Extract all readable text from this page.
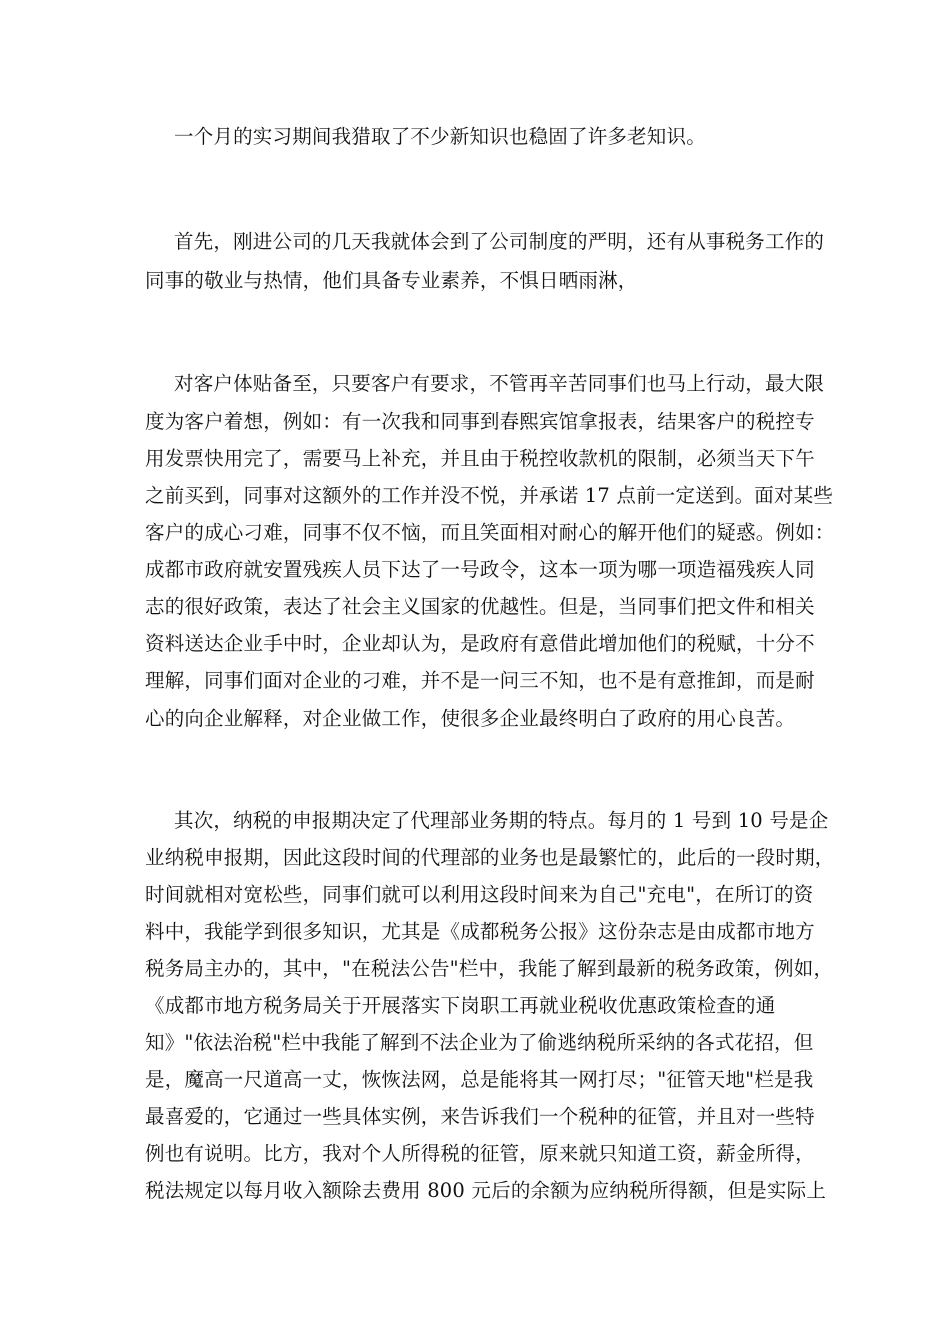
一个月的实习期间我猎取了不少新知识也稳固了许多老知识。
首先，刚进公司的几天我就体会到了公司制度的严明，还有从事税务工作的
同事的敬业与热情，他们具备专业素养，不惧日晒雨淋，
对客户体贴备至，只要客户有要求，不管再辛苦同事们也马上行动，最大限
度为客户着想，例如：有一次我和同事到春熙宾馆拿报表，结果客户的税控专
用发票快用完了，需要马上补充，并且由于税控收款机的限制，必须当天下午
之前买到，同事对这额外的工作并没不悦，并承诺 17 点前一定送到。面对某些
客户的成心刁难，同事不仅不恼，而且笑面相对耐心的解开他们的疑惑。例如：
成都市政府就安置残疾人员下达了一号政令，这本一项为哪一项造福残疾人同
志的很好政策，表达了社会主义国家的优越性。但是，当同事们把文件和相关
资料送达企业手中时，企业却认为，是政府有意借此增加他们的税赋，十分不
理解，同事们面对企业的刁难，并不是一问三不知，也不是有意推卸，而是耐
心的向企业解释，对企业做工作，使很多企业最终明白了政府的用心良苦。
其次，纳税的申报期决定了代理部业务期的特点。每月的 1 号到 10 号是企
业纳税申报期，因此这段时间的代理部的业务也是最繁忙的，此后的一段时期，
时间就相对宽松些，同事们就可以利用这段时间来为自己"充电"，在所订的资
料中，我能学到很多知识，尤其是《成都税务公报》这份杂志是由成都市地方
税务局主办的，其中，"在税法公告"栏中，我能了解到最新的税务政策，例如，
《成都市地方税务局关于开展落实下岗职工再就业税收优惠政策检查的通
知》"依法治税"栏中我能了解到不法企业为了偷逃纳税所采纳的各式花招，但
是，魔高一尺道高一丈，恢恢法网，总是能将其一网打尽；"征管天地"栏是我
最喜爱的，它通过一些具体实例，来告诉我们一个税种的征管，并且对一些特
例也有说明。比方，我对个人所得税的征管，原来就只知道工资，薪金所得，
税法规定以每月收入额除去费用 800 元后的余额为应纳税所得额，但是实际上
